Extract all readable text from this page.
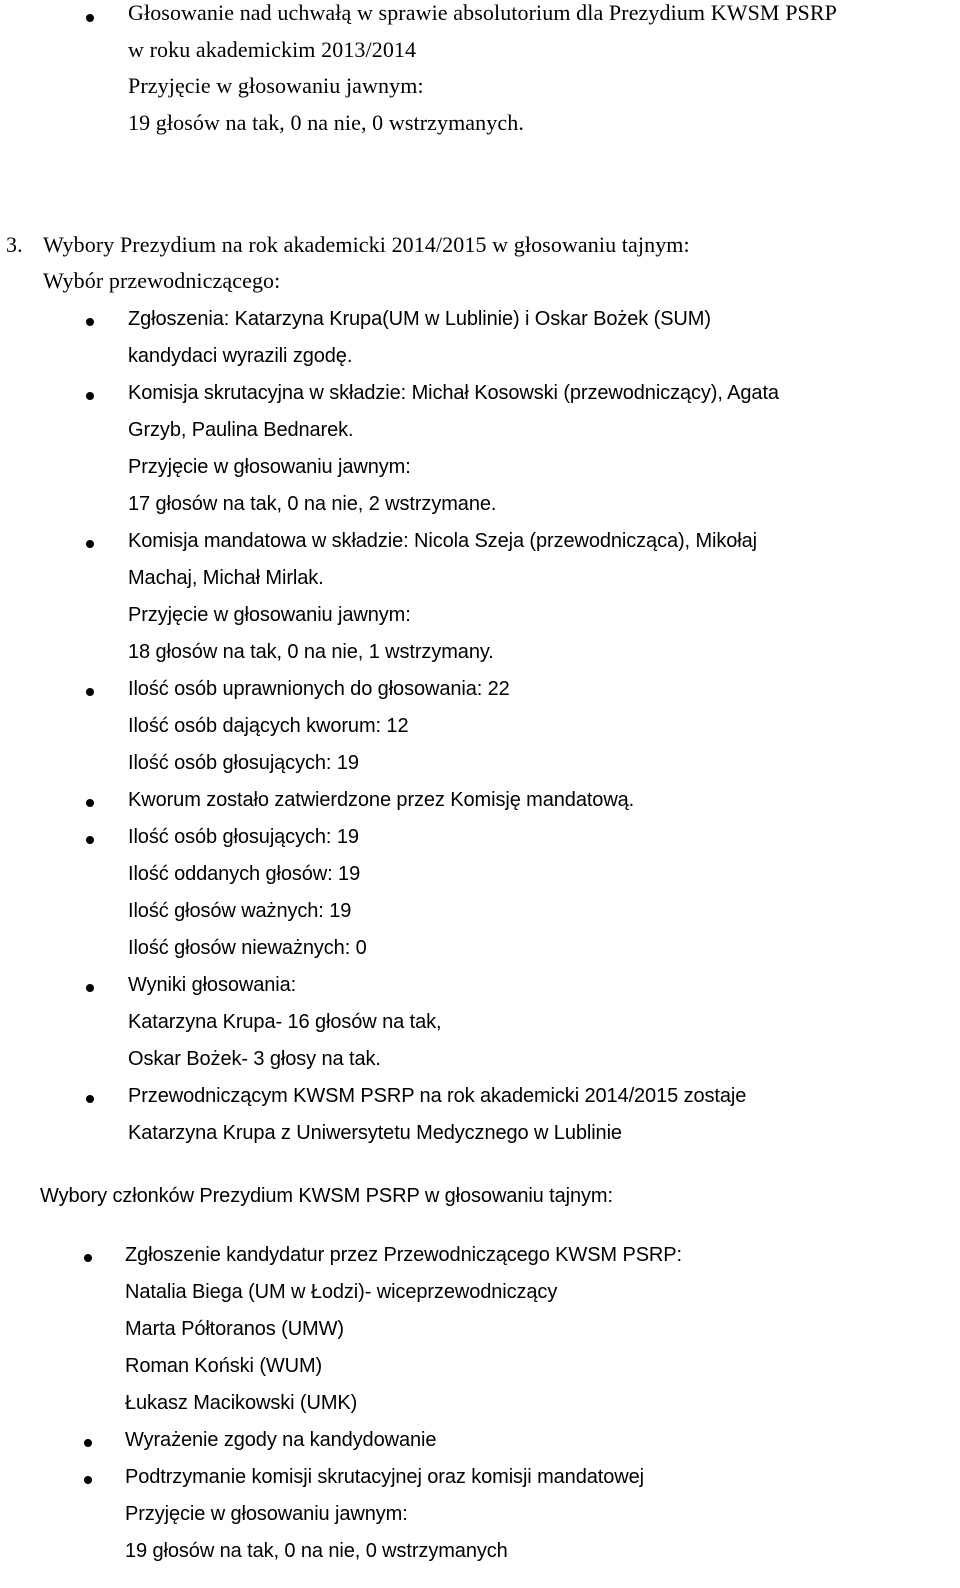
Głosowanie nad uchwałą w sprawie absolutorium dla Prezydium KWSM PSRP
w roku akademickim 2013/2014
Przyjęcie w głosowaniu jawnym:
19 głosów na tak, 0 na nie, 0 wstrzymanych.
3. Wybory Prezydium na rok akademicki 2014/2015 w głosowaniu tajnym:
Wybór przewodniczącego:
Zgłoszenia: Katarzyna Krupa(UM w Lublinie) i Oskar Bożek (SUM)
kandydaci wyrazili zgodę.
Komisja skrutacyjna w składzie: Michał Kosowski (przewodniczący), Agata
Grzyb, Paulina Bednarek.
Przyjęcie w głosowaniu jawnym:
17 głosów na tak, 0 na nie, 2 wstrzymane.
Komisja mandatowa w składzie: Nicola Szeja (przewodnicząca), Mikołaj
Machaj, Michał Mirlak.
Przyjęcie w głosowaniu jawnym:
18 głosów na tak, 0 na nie, 1 wstrzymany.
Ilość osób uprawnionych do głosowania: 22
Ilość osób dających kworum: 12
Ilość osób głosujących: 19
Kworum zostało zatwierdzone przez Komisję mandatową.
Ilość osób głosujących: 19
Ilość oddanych głosów: 19
Ilość głosów ważnych: 19
Ilość głosów nieważnych: 0
Wyniki głosowania:
Katarzyna Krupa- 16 głosów na tak,
Oskar Bożek- 3 głosy na tak.
Przewodniczącym KWSM PSRP na rok akademicki 2014/2015 zostaje
Katarzyna Krupa z Uniwersytetu Medycznego w Lublinie
Wybory członków Prezydium KWSM PSRP w głosowaniu tajnym:
Zgłoszenie kandydatur przez Przewodniczącego KWSM PSRP:
Natalia Biega (UM w Łodzi)- wiceprzewodniczący
Marta Półtoranos (UMW)
Roman Koński (WUM)
Łukasz Macikowski (UMK)
Wyrażenie zgody na kandydowanie
Podtrzymanie komisji skrutacyjnej oraz komisji mandatowej
Przyjęcie w głosowaniu jawnym:
19 głosów na tak, 0 na nie, 0 wstrzymanych
